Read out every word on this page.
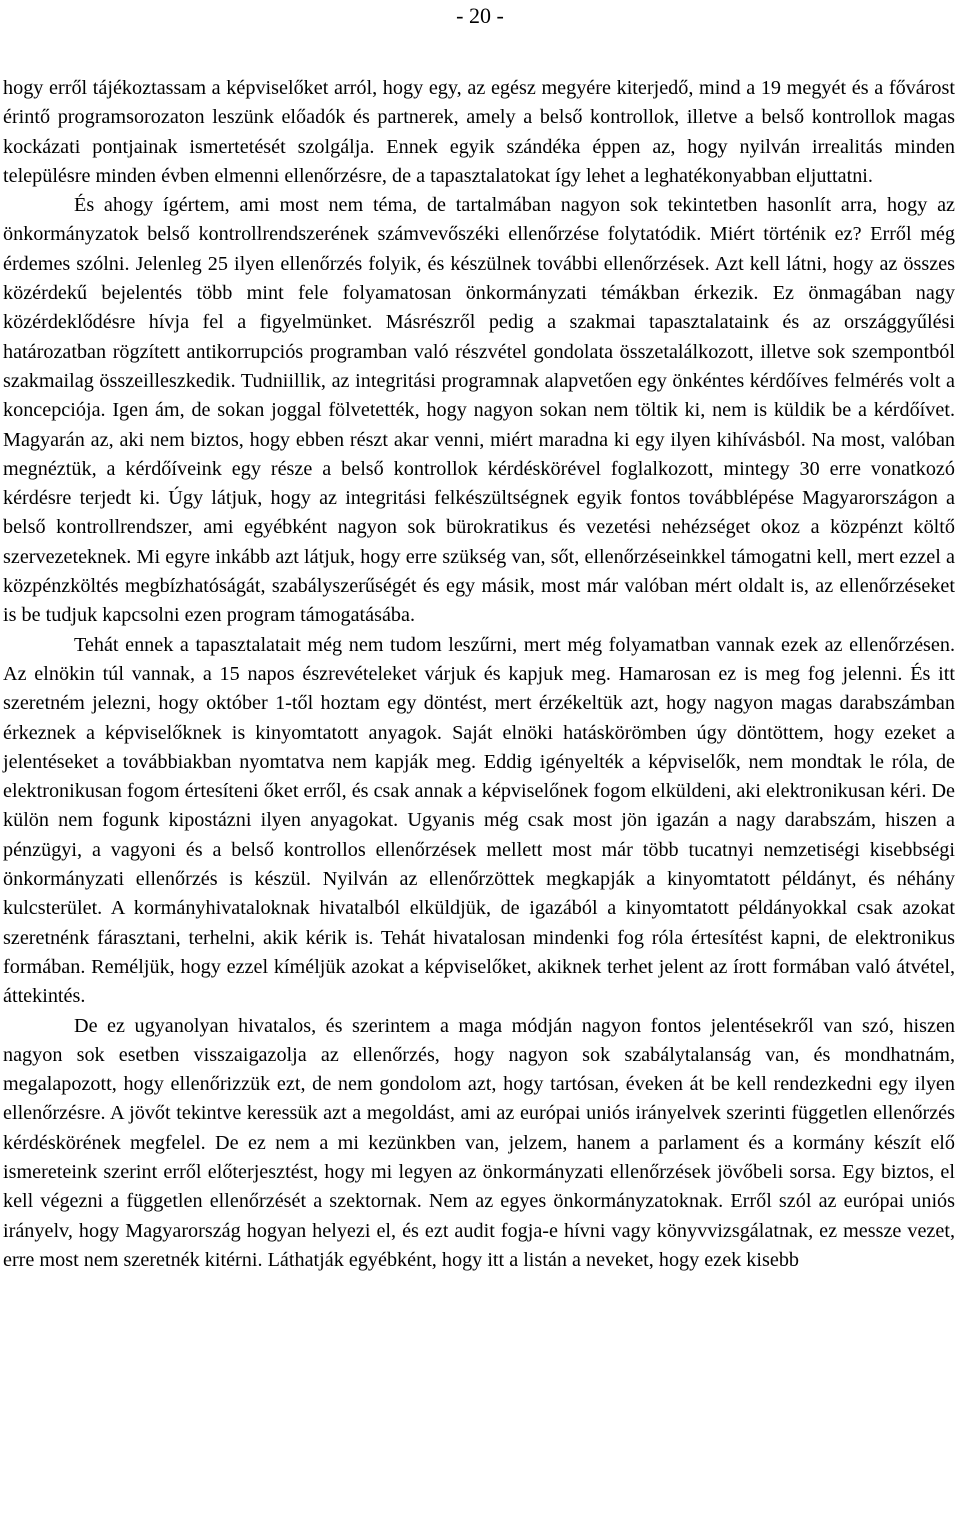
- 20 -

hogy erről tájékoztassam a képviselőket arról, hogy egy, az egész megyére kiterjedő, mind a 19 megyét és a fővárost érintő programsorozaton leszünk előadók és partnerek, amely a belső kontrollok, illetve a belső kontrollok magas kockázati pontjainak ismertetését szolgálja. Ennek egyik szándéka éppen az, hogy nyilván irrealitás minden településre minden évben elmenni ellenőrzésre, de a tapasztalatokat így lehet a leghatékonyabban eljuttatni.

És ahogy ígértem, ami most nem téma, de tartalmában nagyon sok tekintetben hasonlít arra, hogy az önkormányzatok belső kontrollrendszerének számvevőszéki ellenőrzése folytatódik. Miért történik ez? Erről még érdemes szólni. Jelenleg 25 ilyen ellenőrzés folyik, és készülnek további ellenőrzések. Azt kell látni, hogy az összes közérdekű bejelentés több mint fele folyamatosan önkormányzati témákban érkezik. Ez önmagában nagy közérdeklődésre hívja fel a figyelmünket. Másrészről pedig a szakmai tapasztalataink és az országgyűlési határozatban rögzített antikorrupciós programban való részvétel gondolata összetalálkozott, illetve sok szempontból szakmailag összeilleszkedik. Tudniillik, az integritási programnak alapvetően egy önkéntes kérdőíves felmérés volt a koncepciója. Igen ám, de sokan joggal fölvetették, hogy nagyon sokan nem töltik ki, nem is küldik be a kérdőívet. Magyarán az, aki nem biztos, hogy ebben részt akar venni, miért maradna ki egy ilyen kihívásból. Na most, valóban megnéztük, a kérdőíveink egy része a belső kontrollok kérdéskörével foglalkozott, mintegy 30 erre vonatkozó kérdésre terjedt ki. Úgy látjuk, hogy az integritási felkészültségnek egyik fontos továbblépése Magyarországon a belső kontrollrendszer, ami egyébként nagyon sok bürokratikus és vezetési nehézséget okoz a közpénzt költő szervezeteknek. Mi egyre inkább azt látjuk, hogy erre szükség van, sőt, ellenőrzéseinkkel támogatni kell, mert ezzel a közpénzköltés megbízhatóságát, szabályszerűségét és egy másik, most már valóban mért oldalt is, az ellenőrzéseket is be tudjuk kapcsolni ezen program támogatásába.

Tehát ennek a tapasztalatait még nem tudom leszűrni, mert még folyamatban vannak ezek az ellenőrzésen. Az elnökin túl vannak, a 15 napos észrevételeket várjuk és kapjuk meg. Hamarosan ez is meg fog jelenni. És itt szeretném jelezni, hogy október 1-től hoztam egy döntést, mert érzékeltük azt, hogy nagyon magas darabszámban érkeznek a képviselőknek is kinyomtatott anyagok. Saját elnöki hatáskörömben úgy döntöttem, hogy ezeket a jelentéseket a továbbiakban nyomtatva nem kapják meg. Eddig igényelték a képviselők, nem mondtak le róla, de elektronikusan fogom értesíteni őket erről, és csak annak a képviselőnek fogom elküldeni, aki elektronikusan kéri. De külön nem fogunk kipostázni ilyen anyagokat. Ugyanis még csak most jön igazán a nagy darabszám, hiszen a pénzügyi, a vagyoni és a belső kontrollos ellenőrzések mellett most már több tucatnyi nemzetiségi kisebbségi önkormányzati ellenőrzés is készül. Nyilván az ellenőrzöttek megkapják a kinyomtatott példányt, és néhány kulcsterület. A kormányhivataloknak hivatalból elküldjük, de igazából a kinyomtatott példányokkal csak azokat szeretnénk fárasztani, terhelni, akik kérik is. Tehát hivatalosan mindenki fog róla értesítést kapni, de elektronikus formában. Reméljük, hogy ezzel kíméljük azokat a képviselőket, akiknek terhet jelent az írott formában való átvétel, áttekintés.

De ez ugyanolyan hivatalos, és szerintem a maga módján nagyon fontos jelentésekről van szó, hiszen nagyon sok esetben visszaigazolja az ellenőrzés, hogy nagyon sok szabálytalanság van, és mondhatnám, megalapozott, hogy ellenőrizzük ezt, de nem gondolom azt, hogy tartósan, éveken át be kell rendezkedni egy ilyen ellenőrzésre. A jövőt tekintve keressük azt a megoldást, ami az európai uniós irányelvek szerinti független ellenőrzés kérdéskörének megfelel. De ez nem a mi kezünkben van, jelzem, hanem a parlament és a kormány készít elő ismereteink szerint erről előterjesztést, hogy mi legyen az önkormányzati ellenőrzések jövőbeli sorsa. Egy biztos, el kell végezni a független ellenőrzését a szektornak. Nem az egyes önkormányzatoknak. Erről szól az európai uniós irányelv, hogy Magyarország hogyan helyezi el, és ezt audit fogja-e hívni vagy könyvvizsgálatnak, ez messze vezet, erre most nem szeretnék kitérni. Láthatják egyébként, hogy itt a listán a neveket, hogy ezek kisebb
